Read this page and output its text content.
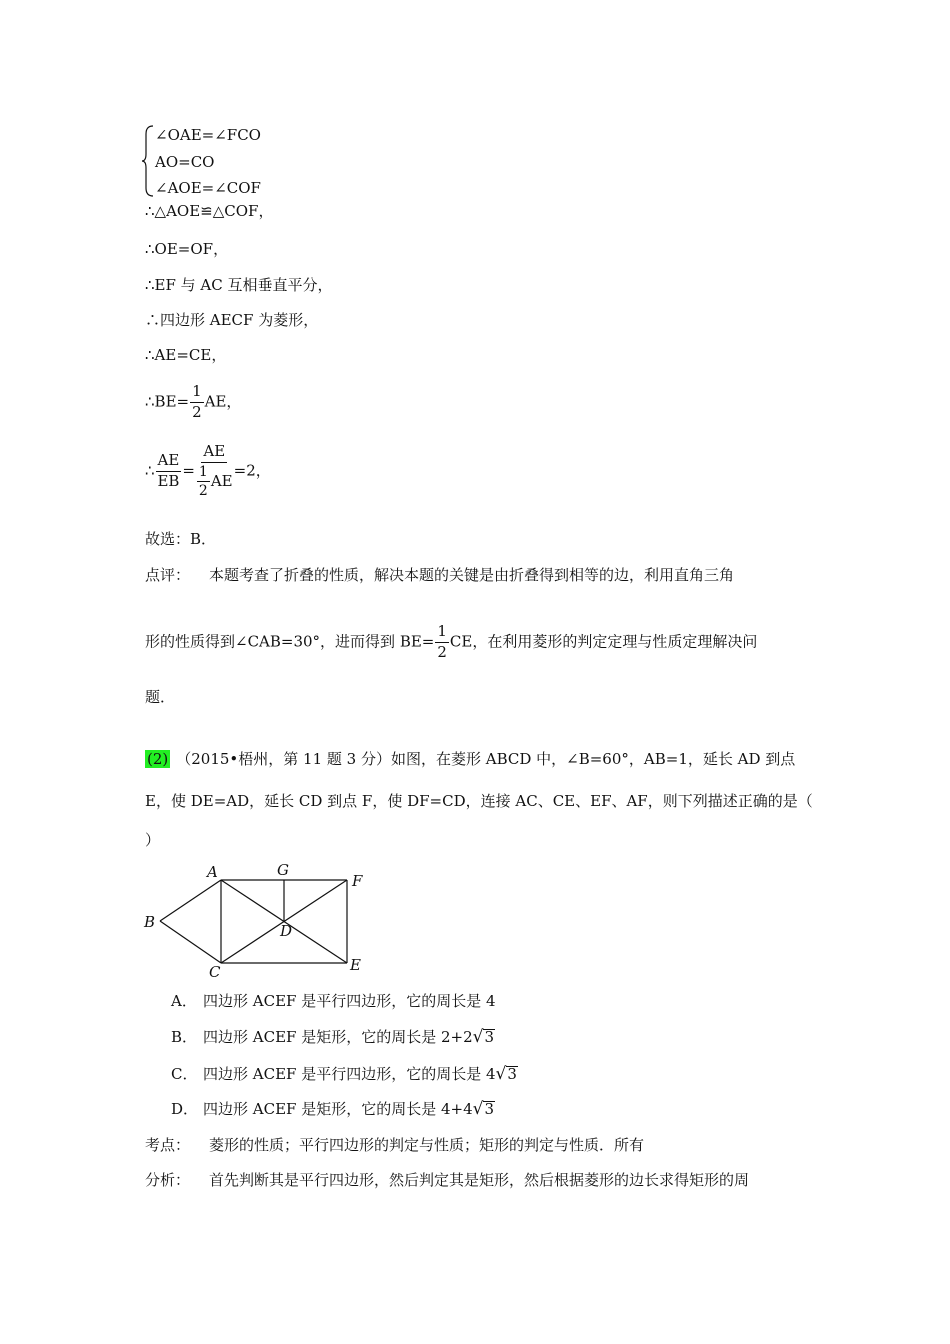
∠OAE=∠FCO
AO=CO
∠AOE=∠COF
∴△AOE≌△COF，
∴OE=OF，
∴EF 与 AC 互相垂直平分，
∴四边形 AECF 为菱形，
∴AE=CE，
∴BE= $\frac{1}{2}$ AE，
∴ $\frac{AE}{EB} = \frac{AE}{\frac{1}{2} AE} =2$，
故选：B．
点评： 本题考查了折叠的性质，解决本题的关键是由折叠得到相等的边，利用直角三角
形的性质得到∠CAB=30°，进而得到 $BE= \frac{1}{2}$ CE，在利用菱形的判定定理与性质定理解决问
题．
(2) （2015•梧州，第 11 题 3 分）如图，在菱形 ABCD 中，∠B=60°，AB=1，延长 AD 到点
E，使 DE=AD，延长 CD 到点 F，使 DF=CD，连接 AC、CE、EF、AF，则下列描述正确的是（
）
A	G
F
B	D
C	E
A． 四边形 ACEF 是平行四边形，它的周长是 4
B． 四边形 ACEF 是矩形，它的周长是 2+2√3
C． 四边形 ACEF 是平行四边形，它的周长是 4√3
D． 四边形 ACEF 是矩形，它的周长是 4+4√3
考点： 菱形的性质；平行四边形的判定与性质；矩形的判定与性质．所有
分析： 首先判断其是平行四边形，然后判定其是矩形，然后根据菱形的边长求得矩形的周
